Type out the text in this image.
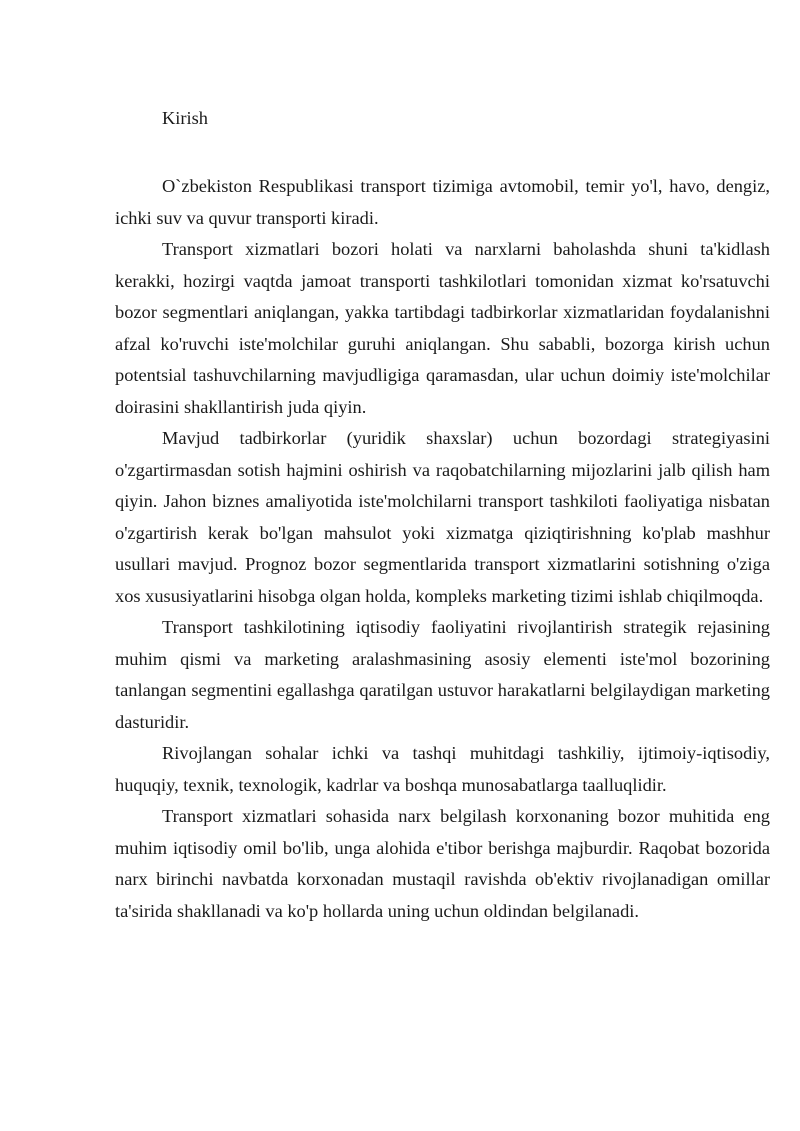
Kirish

O`zbekiston Respublikasi transport tizimiga avtomobil, temir yo'l, havo, dengiz, ichki suv va quvur transporti kiradi.

Transport xizmatlari bozori holati va narxlarni baholashda shuni ta'kidlash kerakki, hozirgi vaqtda jamoat transporti tashkilotlari tomonidan xizmat ko'rsatuvchi bozor segmentlari aniqlangan, yakka tartibdagi tadbirkorlar xizmatlaridan foydalanishni afzal ko'ruvchi iste'molchilar guruhi aniqlangan. Shu sababli, bozorga kirish uchun potentsial tashuvchilarning mavjudligiga qaramasdan, ular uchun doimiy iste'molchilar doirasini shakllantirish juda qiyin.

Mavjud tadbirkorlar (yuridik shaxslar) uchun bozordagi strategiyasini o'zgartirmasdan sotish hajmini oshirish va raqobatchilarning mijozlarini jalb qilish ham qiyin. Jahon biznes amaliyotida iste'molchilarni transport tashkiloti faoliyatiga nisbatan o'zgartirish kerak bo'lgan mahsulot yoki xizmatga qiziqtirishning ko'plab mashhur usullari mavjud. Prognoz bozor segmentlarida transport xizmatlarini sotishning o'ziga xos xususiyatlarini hisobga olgan holda, kompleks marketing tizimi ishlab chiqilmoqda.

Transport tashkilotining iqtisodiy faoliyatini rivojlantirish strategik rejasining muhim qismi va marketing aralashmasining asosiy elementi iste'mol bozorining tanlangan segmentini egallashga qaratilgan ustuvor harakatlarni belgilaydigan marketing dasturidir.

Rivojlangan sohalar ichki va tashqi muhitdagi tashkiliy, ijtimoiy-iqtisodiy, huquqiy, texnik, texnologik, kadrlar va boshqa munosabatlarga taalluqlidir.

Transport xizmatlari sohasida narx belgilash korxonaning bozor muhitida eng muhim iqtisodiy omil bo'lib, unga alohida e'tibor berishga majburdir. Raqobat bozorida narx birinchi navbatda korxonadan mustaqil ravishda ob'ektiv rivojlanadigan omillar ta'sirida shakllanadi va ko'p hollarda uning uchun oldindan belgilanadi.
